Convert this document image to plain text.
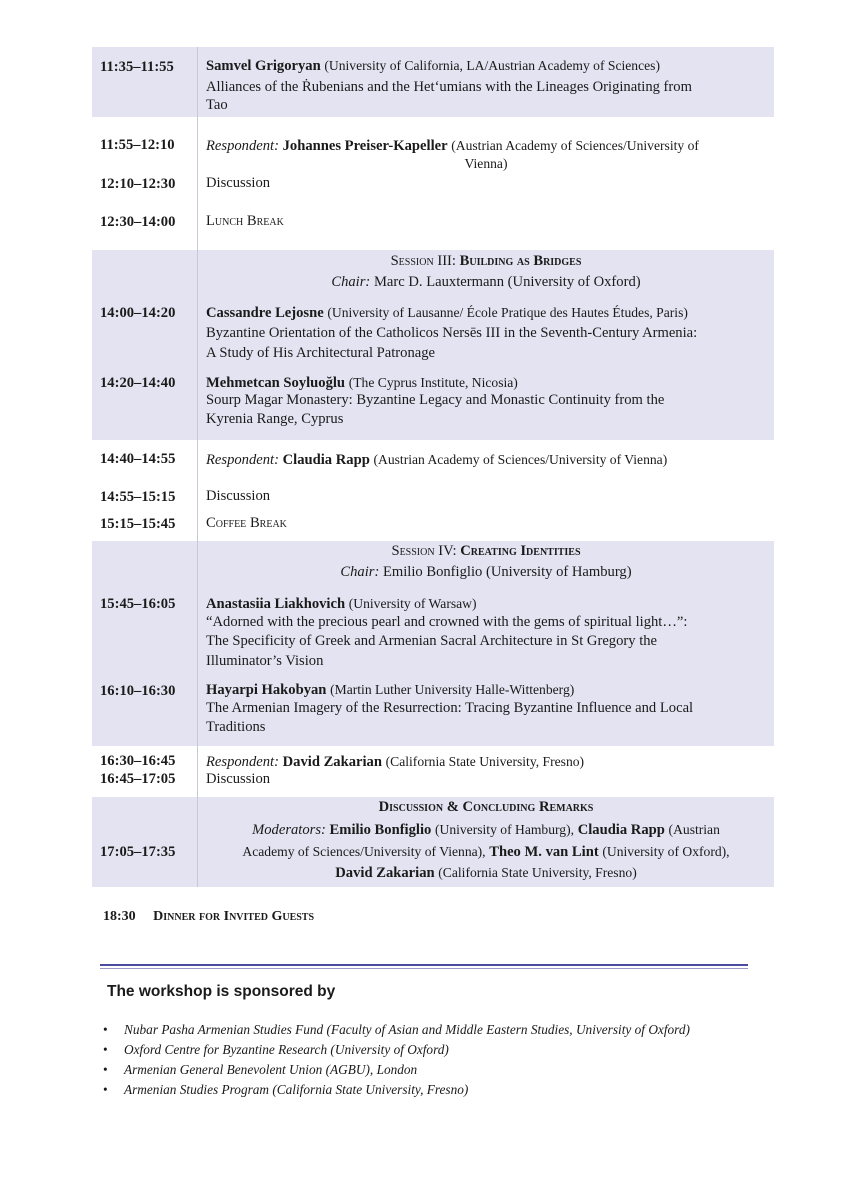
11:35–11:55 Samvel Grigoryan (University of California, LA/Austrian Academy of Sciences)
Alliances of the Ṙubenians and the Het‘umians with the Lineages Originating from
Tao
11:55–12:10
12:10–12:30
12:30–14:00
Respondent: Johannes Preiser-Kapeller (Austrian Academy of Sciences/University of
Vienna)
Discussion
Lunch Break
14:00–14:20
14:20–14:40
Session III: Building as Bridges
Chair: Marc D. Lauxtermann (University of Oxford)
Cassandre Lejosne (University of Lausanne/ École Pratique des Hautes Études, Paris)
Byzantine Orientation of the Catholicos Nersēs III in the Seventh-Century Armenia:
A Study of His Architectural Patronage
Mehmetcan Soyluoğlu (The Cyprus Institute, Nicosia)
Sourp Magar Monastery: Byzantine Legacy and Monastic Continuity from the
Kyrenia Range, Cyprus
14:40–14:55
14:55–15:15
15:15–15:45
Respondent: Claudia Rapp (Austrian Academy of Sciences/University of Vienna)
Discussion
Coffee Break
15:45–16:05
16:10–16:30
Session IV: Creating Identities
Chair: Emilio Bonfiglio (University of Hamburg)
Anastasiia Liakhovich (University of Warsaw)
“Adorned with the precious pearl and crowned with the gems of spiritual light…”:
The Specificity of Greek and Armenian Sacral Architecture in St Gregory the
Illuminator’s Vision
Hayarpi Hakobyan (Martin Luther University Halle-Wittenberg)
The Armenian Imagery of the Resurrection: Tracing Byzantine Influence and Local
Traditions
16:30–16:45
16:45–17:05
Respondent: David Zakarian (California State University, Fresno)
Discussion
17:05–17:35
Discussion & Concluding Remarks
Moderators: Emilio Bonfiglio (University of Hamburg), Claudia Rapp (Austrian
Academy of Sciences/University of Vienna), Theo M. van Lint (University of Oxford),
David Zakarian (California State University, Fresno)
18:30 Dinner for Invited Guests
The workshop is sponsored by
• Nubar Pasha Armenian Studies Fund (Faculty of Asian and Middle Eastern Studies, University of Oxford)
• Oxford Centre for Byzantine Research (University of Oxford)
• Armenian General Benevolent Union (AGBU), London
• Armenian Studies Program (California State University, Fresno)
